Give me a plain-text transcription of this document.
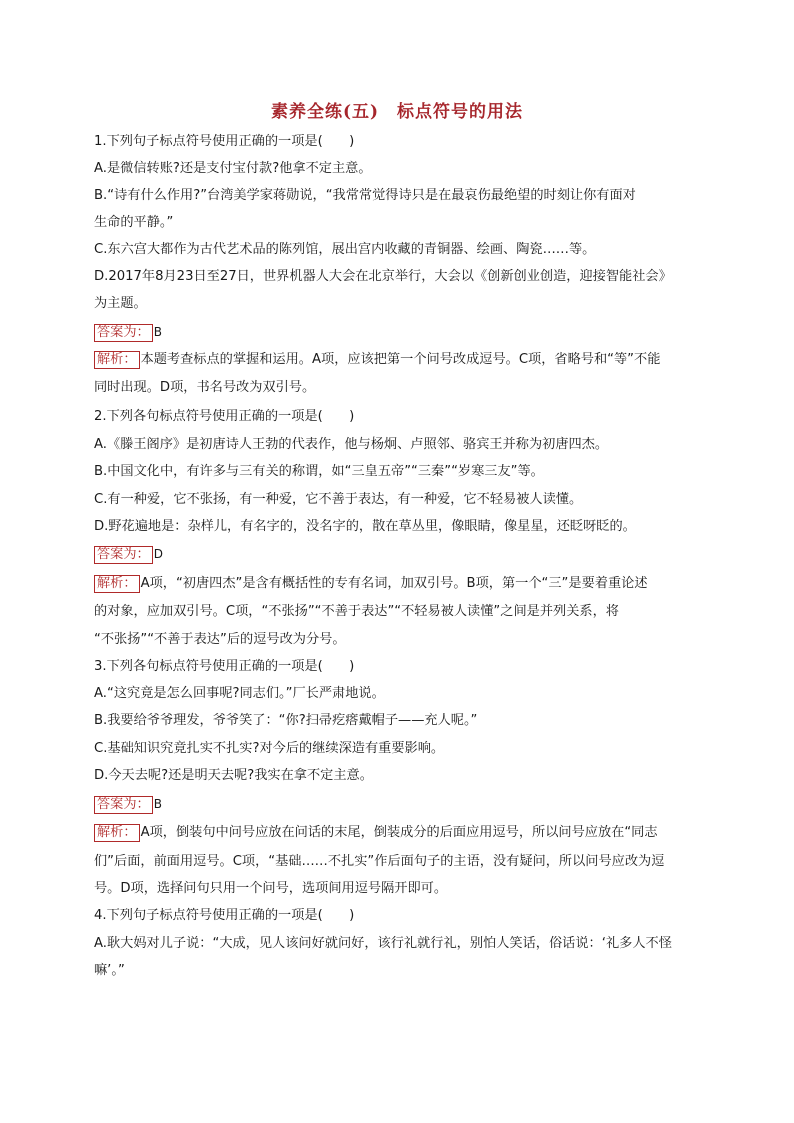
素养全练(五)　标点符号的用法
1.下列句子标点符号使用正确的一项是(　　)
A.是微信转账?还是支付宝付款?他拿不定主意。
B.“诗有什么作用?”台湾美学家蒋勋说，“我常常觉得诗只是在最哀伤最绝望的时刻让你有面对
生命的平静。”
C.东六宫大都作为古代艺术品的陈列馆，展出宫内收藏的青铜器、绘画、陶瓷……等。
D.2017年8月23日至27日，世界机器人大会在北京举行，大会以《创新创业创造，迎接智能社会》
为主题。
答案为： B
解析： 本题考查标点的掌握和运用。A项，应该把第一个问号改成逗号。C项，省略号和“等”不能
同时出现。D项，书名号改为双引号。
2.下列各句标点符号使用正确的一项是(　　)
A.《滕王阁序》是初唐诗人王勃的代表作，他与杨炯、卢照邻、骆宾王并称为初唐四杰。
B.中国文化中，有许多与三有关的称谓，如“三皇五帝”“三秦”“岁寒三友”等。
C.有一种爱，它不张扬，有一种爱，它不善于表达，有一种爱，它不轻易被人读懂。
D.野花遍地是：杂样儿，有名字的，没名字的，散在草丛里，像眼睛，像星星，还眨呀眨的。
答案为： D
解析： A项，“初唐四杰”是含有概括性的专有名词，加双引号。B项，第一个“三”是要着重论述
的对象，应加双引号。C项，“不张扬”“不善于表达”“不轻易被人读懂”之间是并列关系，将
“不张扬”“不善于表达”后的逗号改为分号。
3.下列各句标点符号使用正确的一项是(　　)
A.“这究竟是怎么回事呢?同志们。”厂长严肃地说。
B.我要给爷爷理发，爷爷笑了：“你?扫帚疙瘩戴帽子——充人呢。”
C.基础知识究竟扎实不扎实?对今后的继续深造有重要影响。
D.今天去呢?还是明天去呢?我实在拿不定主意。
答案为： B
解析： A项，倒装句中问号应放在问话的末尾，倒装成分的后面应用逗号，所以问号应放在“同志
们”后面，前面用逗号。C项，“基础……不扎实”作后面句子的主语，没有疑问，所以问号应改为逗
号。D项，选择问句只用一个问号，选项间用逗号隔开即可。
4.下列句子标点符号使用正确的一项是(　　)
A.耿大妈对儿子说：“大成，见人该问好就问好，该行礼就行礼，别怕人笑话，俗话说：‘礼多人不怪
嘛’。”
